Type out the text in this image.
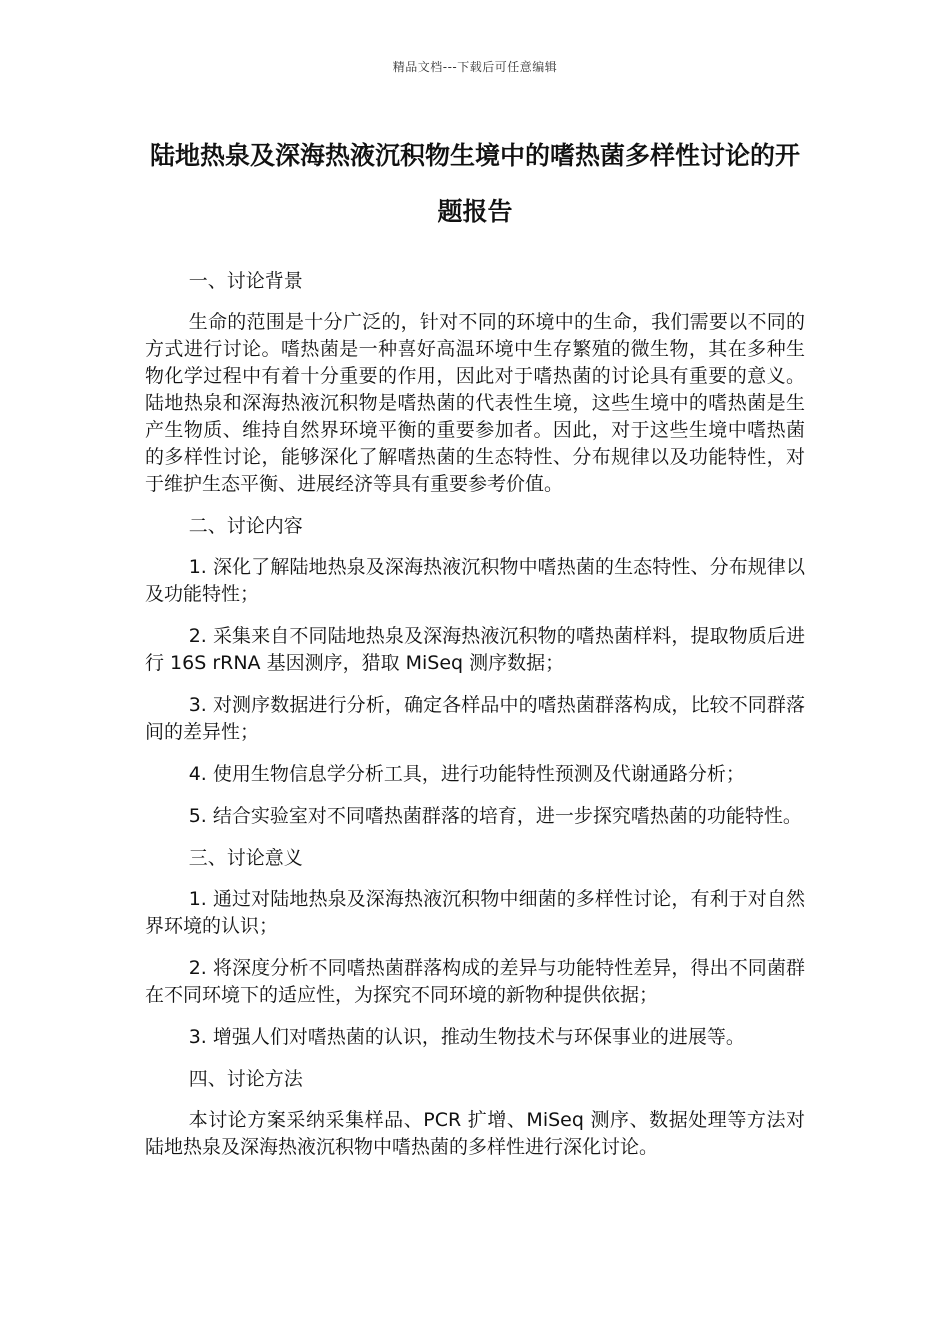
精品文档---下载后可任意编辑
陆地热泉及深海热液沉积物生境中的嗜热菌多样性讨论的开题报告

一、讨论背景

生命的范围是十分广泛的，针对不同的环境中的生命，我们需要以不同的方式进行讨论。嗜热菌是一种喜好高温环境中生存繁殖的微生物，其在多种生物化学过程中有着十分重要的作用，因此对于嗜热菌的讨论具有重要的意义。陆地热泉和深海热液沉积物是嗜热菌的代表性生境，这些生境中的嗜热菌是生产生物质、维持自然界环境平衡的重要参加者。因此，对于这些生境中嗜热菌的多样性讨论，能够深化了解嗜热菌的生态特性、分布规律以及功能特性，对于维护生态平衡、进展经济等具有重要参考价值。

二、讨论内容

1. 深化了解陆地热泉及深海热液沉积物中嗜热菌的生态特性、分布规律以及功能特性；

2. 采集来自不同陆地热泉及深海热液沉积物的嗜热菌样料，提取物质后进行 16S rRNA 基因测序，猎取 MiSeq 测序数据；

3. 对测序数据进行分析，确定各样品中的嗜热菌群落构成，比较不同群落间的差异性；

4. 使用生物信息学分析工具，进行功能特性预测及代谢通路分析；

5. 结合实验室对不同嗜热菌群落的培育，进一步探究嗜热菌的功能特性。

三、讨论意义

1. 通过对陆地热泉及深海热液沉积物中细菌的多样性讨论，有利于对自然界环境的认识；

2. 将深度分析不同嗜热菌群落构成的差异与功能特性差异，得出不同菌群在不同环境下的适应性，为探究不同环境的新物种提供依据；

3. 增强人们对嗜热菌的认识，推动生物技术与环保事业的进展等。

四、讨论方法

本讨论方案采纳采集样品、PCR 扩增、MiSeq 测序、数据处理等方法对陆地热泉及深海热液沉积物中嗜热菌的多样性进行深化讨论。
